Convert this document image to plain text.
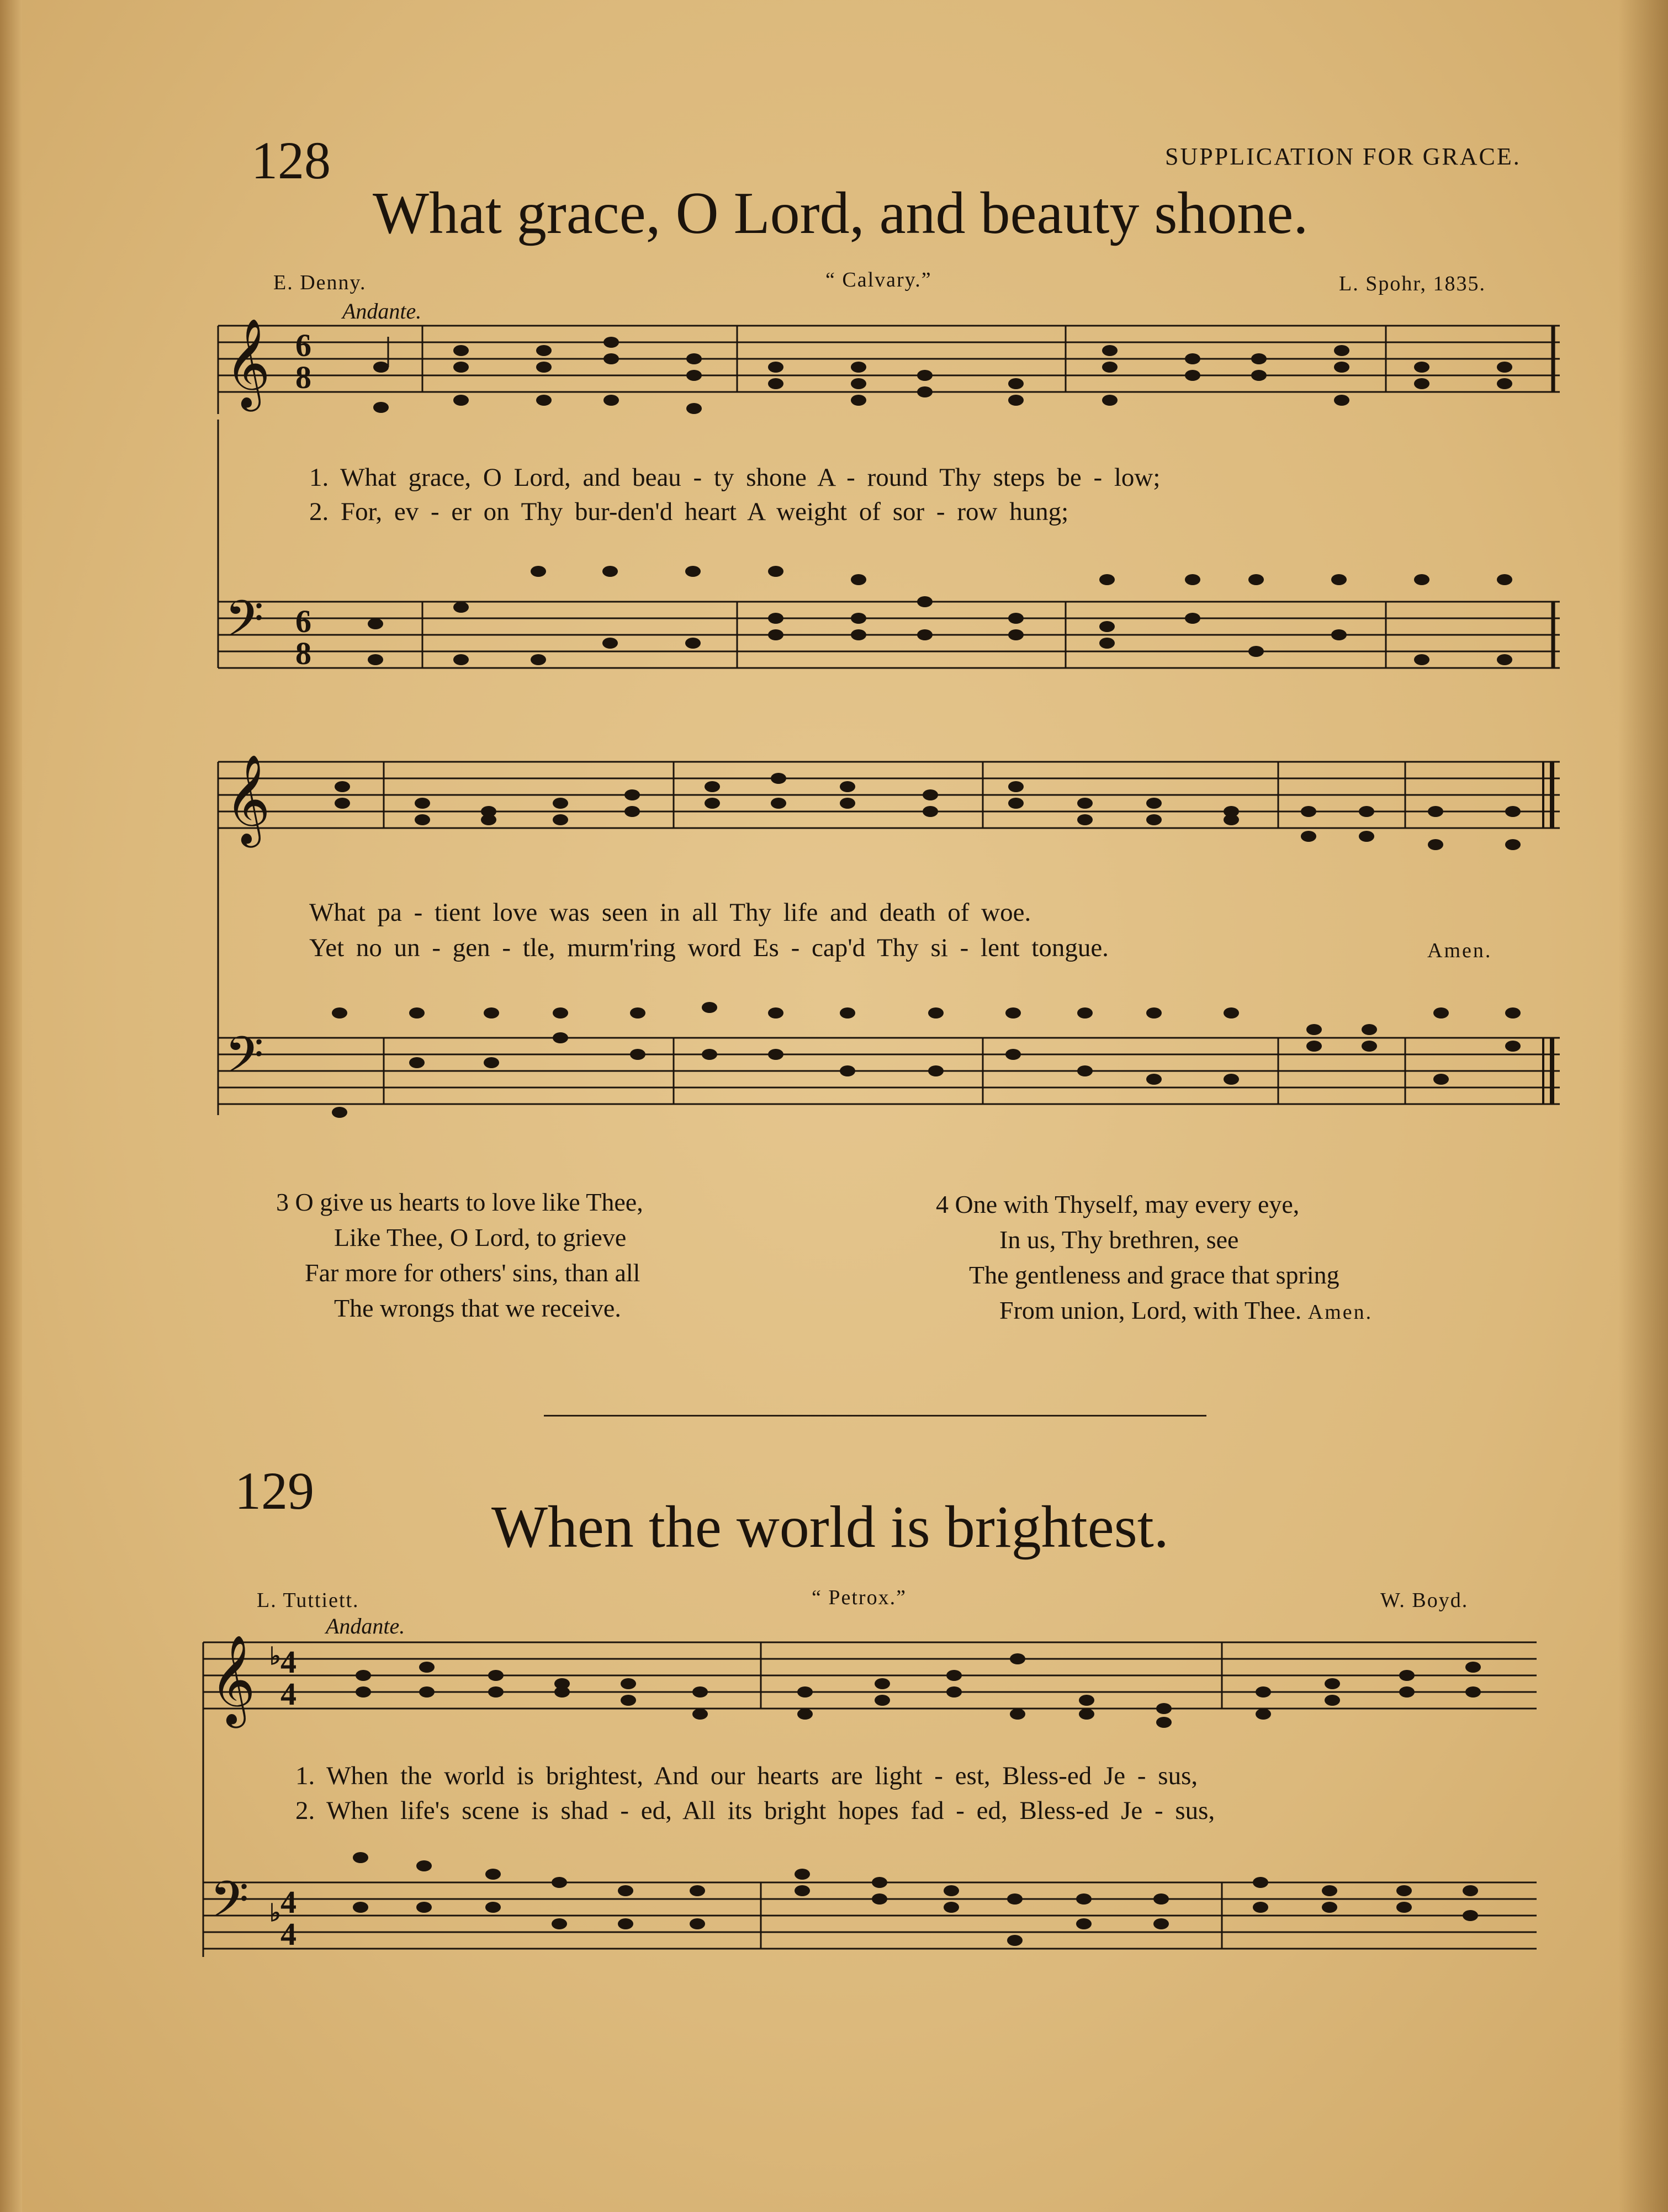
128	SUPPLICATION FOR GRACE.
What grace, O Lord, and beauty shone.
E. Denny.	“ Calvary.”	L. Spohr, 1835.
Andante.
𝄞 6
8
1. What grace, O Lord, and beau - ty shone A - round Thy steps be - low;
2. For, ev - er on Thy bur-den'd heart A weight of sor - row hung;
𝄢 6
8
𝄞
What pa - tient love was seen in all Thy life and death of woe.
Yet no un - gen - tle, murm'ring word Es - cap'd Thy si - lent tongue.	Amen.
𝄢
3 O give us hearts to love like Thee,
Like Thee, O Lord, to grieve
Far more for others' sins, than all
The wrongs that we receive.
4 One with Thyself, may every eye,
In us, Thy brethren, see
The gentleness and grace that spring
From union, Lord, with Thee. Amen.
129
When the world is brightest.
L. Tuttiett.	“ Petrox.”	W. Boyd.
Andante.
𝄞 ♭ 4
4
1. When the world is brightest, And our hearts are light - est, Bless-ed Je - sus,
2. When life's scene is shad - ed, All its bright hopes fad - ed, Bless-ed Je - sus,
𝄢 ♭ 4
4
